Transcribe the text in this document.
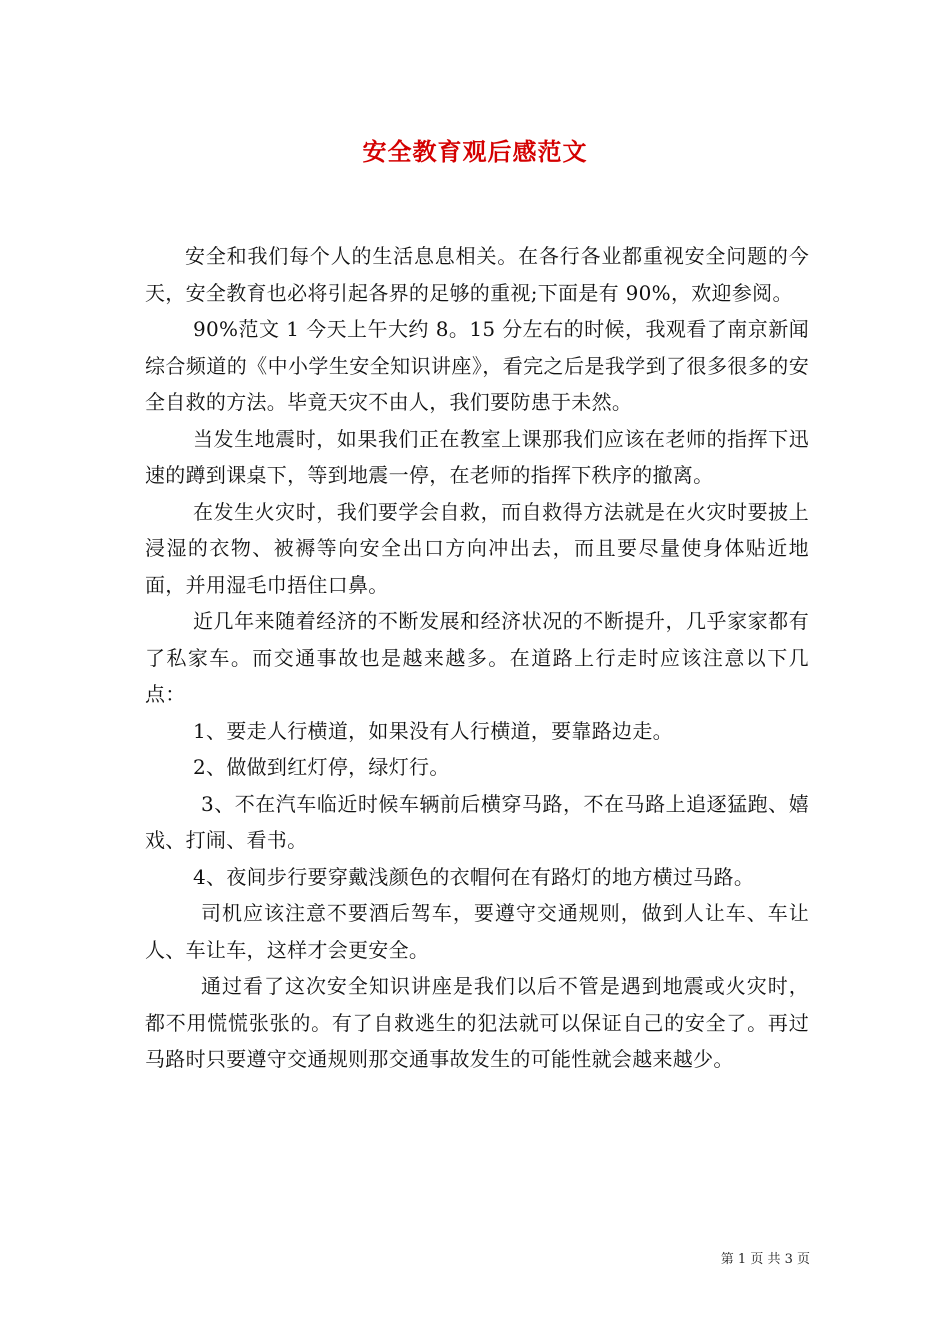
安全教育观后感范文

安全和我们每个人的生活息息相关。在各行各业都重视安全问题的今天，安全教育也必将引起各界的足够的重视;下面是有 90%，欢迎参阅。

90%范文 1 今天上午大约 8。15 分左右的时候，我观看了南京新闻综合频道的《中小学生安全知识讲座》，看完之后是我学到了很多很多的安全自救的方法。毕竟天灾不由人，我们要防患于未然。

当发生地震时，如果我们正在教室上课那我们应该在老师的指挥下迅速的蹲到课桌下，等到地震一停，在老师的指挥下秩序的撤离。

在发生火灾时，我们要学会自救，而自救得方法就是在火灾时要披上浸湿的衣物、被褥等向安全出口方向冲出去，而且要尽量使身体贴近地面，并用湿毛巾捂住口鼻。

近几年来随着经济的不断发展和经济状况的不断提升，几乎家家都有了私家车。而交通事故也是越来越多。在道路上行走时应该注意以下几点：

1、要走人行横道，如果没有人行横道，要靠路边走。

2、做做到红灯停，绿灯行。

3、不在汽车临近时候车辆前后横穿马路，不在马路上追逐猛跑、嬉戏、打闹、看书。

4、夜间步行要穿戴浅颜色的衣帽何在有路灯的地方横过马路。

司机应该注意不要酒后驾车，要遵守交通规则，做到人让车、车让人、车让车，这样才会更安全。

通过看了这次安全知识讲座是我们以后不管是遇到地震或火灾时，都不用慌慌张张的。有了自救逃生的犯法就可以保证自己的安全了。再过马路时只要遵守交通规则那交通事故发生的可能性就会越来越少。

第 1 页 共 3 页
